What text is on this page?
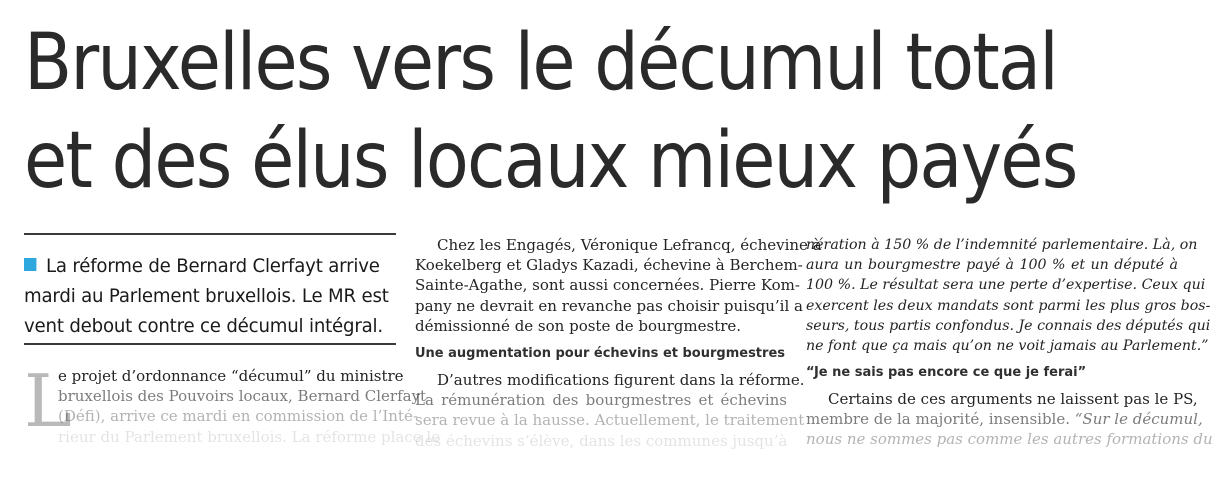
Bruxelles vers le décumul total
et des élus locaux mieux payés
La réforme de Bernard Clerfayt arrive
mardi au Parlement bruxellois. Le MR est
vent debout contre ce décumul intégral.
L
e projet d’ordonnance “décumul” du ministre
bruxellois des Pouvoirs locaux, Bernard Clerfayt
(Défi), arrive ce mardi en commission de l’Inté-
rieur du Parlement bruxellois. La réforme place le
Chez les Engagés, Véronique Lefrancq, échevine à
Koekelberg et Gladys Kazadi, échevine à Berchem-
Sainte-Agathe, sont aussi concernées. Pierre Kom-
pany ne devrait en revanche pas choisir puisqu’il a
démissionné de son poste de bourgmestre.
Une augmentation pour échevins et bourgmestres
D’autres modifications figurent dans la réforme.
La rémunération des bourgmestres et échevins
sera revue à la hausse. Actuellement, le traitement
des échevins s’élève, dans les communes jusqu’à
nération à 150 % de l’indemnité parlementaire. Là, on
aura un bourgmestre payé à 100 % et un député à
100 %. Le résultat sera une perte d’expertise. Ceux qui
exercent les deux mandats sont parmi les plus gros bos-
seurs, tous partis confondus. Je connais des députés qui
ne font que ça mais qu’on ne voit jamais au Parlement.”
“Je ne sais pas encore ce que je ferai”
Certains de ces arguments ne laissent pas le PS,
membre de la majorité, insensible. “Sur le décumul,
nous ne sommes pas comme les autres formations du
